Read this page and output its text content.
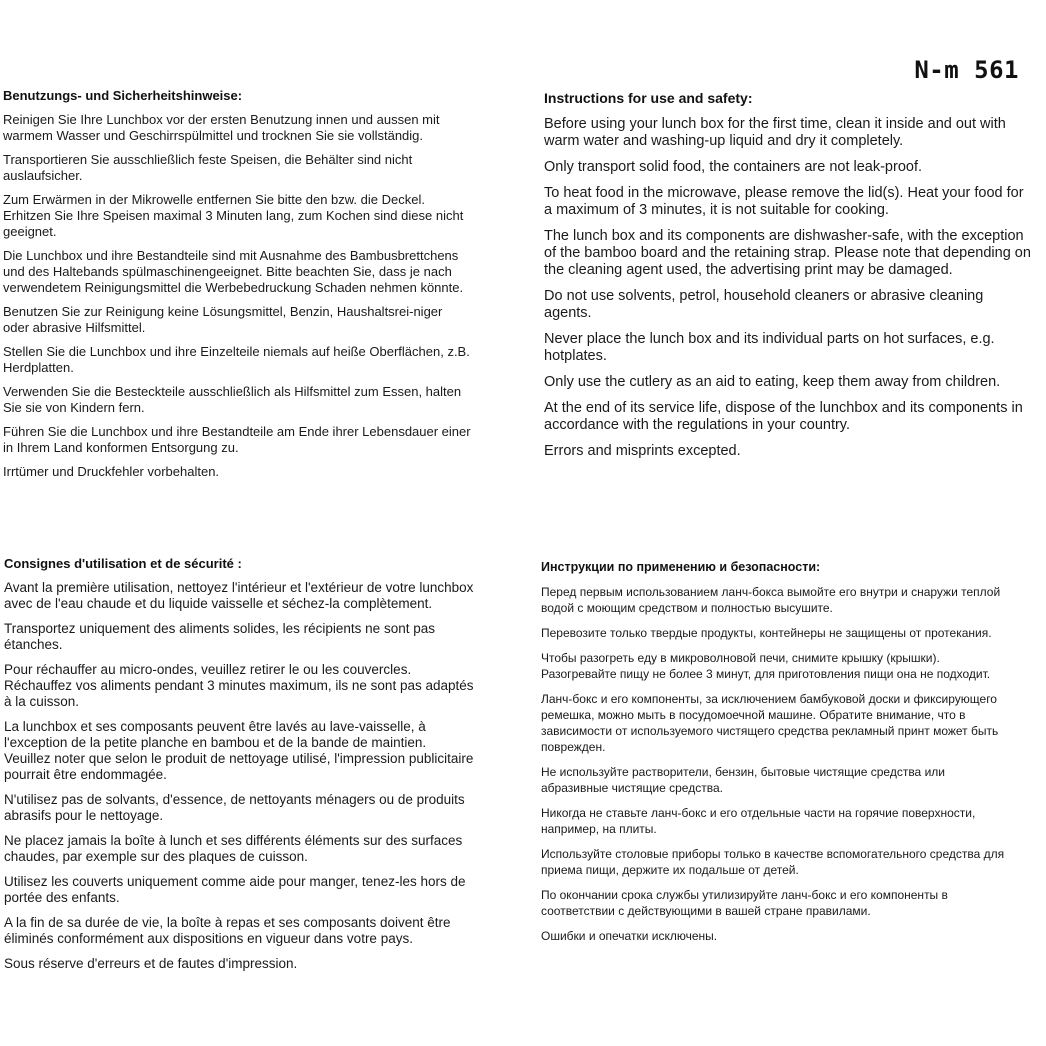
N-m 561
Benutzungs- und Sicherheitshinweise:

Reinigen Sie Ihre Lunchbox vor der ersten Benutzung innen und aussen mit warmem Wasser und Geschirrspülmittel und trocknen Sie sie vollständig.

Transportieren Sie ausschließlich feste Speisen, die Behälter sind nicht auslaufsicher.

Zum Erwärmen in der Mikrowelle entfernen Sie bitte den bzw. die Deckel. Erhitzen Sie Ihre Speisen maximal 3 Minuten lang, zum Kochen sind diese nicht geeignet.

Die Lunchbox und ihre Bestandteile sind mit Ausnahme des Bambusbrettchens und des Haltebands spülmaschinengeeignet. Bitte beachten Sie, dass je nach verwendetem Reinigungsmittel die Werbebedruckung Schaden nehmen könnte.

Benutzen Sie zur Reinigung keine Lösungsmittel, Benzin, Haushaltsrei-niger oder abrasive Hilfsmittel.

Stellen Sie die Lunchbox und ihre Einzelteile niemals auf heiße Oberflächen, z.B. Herdplatten.

Verwenden Sie die Besteckteile ausschließlich als Hilfsmittel zum Essen, halten Sie sie von Kindern fern.

Führen Sie die Lunchbox und ihre Bestandteile am Ende ihrer Lebensdauer einer in Ihrem Land konformen Entsorgung zu.

Irrtümer und Druckfehler vorbehalten.

Instructions for use and safety:

Before using your lunch box for the first time, clean it inside and out with warm water and washing-up liquid and dry it completely.

Only transport solid food, the containers are not leak-proof.

To heat food in the microwave, please remove the lid(s). Heat your food for a maximum of 3 minutes, it is not suitable for cooking.

The lunch box and its components are dishwasher-safe, with the exception of the bamboo board and the retaining strap. Please note that depending on the cleaning agent used, the advertising print may be damaged.

Do not use solvents, petrol, household cleaners or abrasive cleaning agents.

Never place the lunch box and its individual parts on hot surfaces, e.g. hotplates.

Only use the cutlery as an aid to eating, keep them away from children.

At the end of its service life, dispose of the lunchbox and its components in accordance with the regulations in your country.

Errors and misprints excepted.

Consignes d'utilisation et de sécurité :

Avant la première utilisation, nettoyez l'intérieur et l'extérieur de votre lunchbox avec de l'eau chaude et du liquide vaisselle et séchez-la complètement.

Transportez uniquement des aliments solides, les récipients ne sont pas étanches.

Pour réchauffer au micro-ondes, veuillez retirer le ou les couvercles. Réchauffez vos aliments pendant 3 minutes maximum, ils ne sont pas adaptés à la cuisson.

La lunchbox et ses composants peuvent être lavés au lave-vaisselle, à l'exception de la petite planche en bambou et de la bande de maintien. Veuillez noter que selon le produit de nettoyage utilisé, l'impression publicitaire pourrait être endommagée.

N'utilisez pas de solvants, d'essence, de nettoyants ménagers ou de produits abrasifs pour le nettoyage.

Ne placez jamais la boîte à lunch et ses différents éléments sur des surfaces chaudes, par exemple sur des plaques de cuisson.

Utilisez les couverts uniquement comme aide pour manger, tenez-les hors de portée des enfants.

A la fin de sa durée de vie, la boîte à repas et ses composants doivent être éliminés conformément aux dispositions en vigueur dans votre pays.

Sous réserve d'erreurs et de fautes d'impression.

Инструкции по применению и безопасности:

Перед первым использованием ланч-бокса вымойте его внутри и снаружи теплой водой с моющим средством и полностью высушите.

Перевозите только твердые продукты, контейнеры не защищены от протекания.

Чтобы разогреть еду в микроволновой печи, снимите крышку (крышки). Разогревайте пищу не более 3 минут, для приготовления пищи она не подходит.

Ланч-бокс и его компоненты, за исключением бамбуковой доски и фиксирующего ремешка, можно мыть в посудомоечной машине. Обратите внимание, что в зависимости от используемого чистящего средства рекламный принт может быть поврежден.

Не используйте растворители, бензин, бытовые чистящие средства или абразивные чистящие средства.

Никогда не ставьте ланч-бокс и его отдельные части на горячие поверхности, например, на плиты.

Используйте столовые приборы только в качестве вспомогательного средства для приема пищи, держите их подальше от детей.

По окончании срока службы утилизируйте ланч-бокс и его компоненты в соответствии с действующими в вашей стране правилами.

Ошибки и опечатки исключены.
